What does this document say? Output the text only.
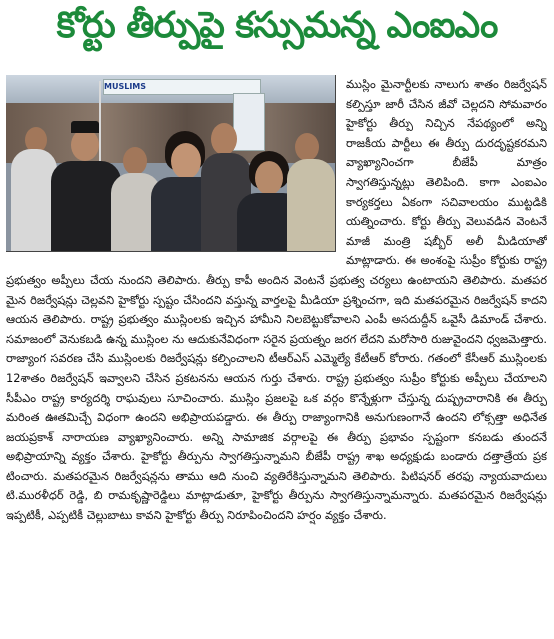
కోర్టు తీర్పుపై కస్సుమన్న ఎంఐఎం
MUSLIMS	ముస్లిం మైనార్టీలకు నాలుగు శాతం రిజర్వేషన్ కల్పిస్తూ జారీ చేసిన జీవో చెల్లదని సోమవారం హైకోర్టు తీర్పు నిచ్చిన నేపథ్యంలో అన్ని రాజకీయ పార్టీలు ఈ తీర్పు దురదృష్టకరమని వ్యాఖ్యానించగా బీజేపీ మాత్రం స్వాగతిస్తున్నట్లు తెలిపింది. కాగా ఎంఐఎం కార్యకర్తలు ఏకంగా సచివాలయం ముట్టడికి యత్నించారు. కోర్టు తీర్పు వెలువడిన వెంటనే మాజీ మంత్రి షబ్బీర్ అలీ మీడియాతో మాట్లాడారు. ఈ అంశంపై సుప్రీం కోర్టుకు రాష్ట్ర ప్రభుత్వం అప్పీలు చేయ నుందని తెలిపారు. తీర్పు కాపీ అందిన వెంటనే ప్రభుత్వ చర్యలు ఉంటాయని తెలిపారు. మతపర మైన రిజర్వేషన్లు చెల్లవని హైకోర్టు స్పష్టం చేసిందని వస్తున్న వార్తలపై మీడియా ప్రశ్నించగా, ఇది మతపరమైన రిజర్వేషన్ కాదని ఆయన తెలిపారు. రాష్ట్ర ప్రభుత్వం ముస్లింలకు ఇచ్చిన హామీని నిలబెట్టుకోవాలని ఎంపీ అసదుద్దీన్ ఒవైసీ డిమాండ్ చేశారు. సమాజంలో వెనుకబడి ఉన్న ముస్లింల ను ఆదుకునేవిధంగా సరైన ప్రయత్నం జరగ లేదని మరోసారి రుజువైందని ధ్వజమెత్తారు. రాజ్యాంగ సవరణ చేసి ముస్లింలకు రిజర్వేషన్లు కల్పించాలని టీఆర్ఎస్ ఎమ్మెల్యే కేటీఆర్ కోరారు. గతంలో కేసీఆర్ ముస్లింలకు 12శాతం రిజర్వేషన్ ఇవ్వాలని చేసిన ప్రకటనను ఆయన గుర్తు చేశారు. రాష్ట్ర ప్రభుత్వం సుప్రీం కోర్టుకు అప్పీలు చేయాలని సీపీఎం రాష్ట్ర కార్యదర్శి రాఘవులు సూచించారు. ముస్లిం ప్రజలపై ఒక వర్గం కొన్నేళ్లుగా చేస్తున్న దుష్ప్రచారానికి ఈ తీర్పు మరింత ఊతమిచ్చే విధంగా ఉందని అభిప్రాయపడ్డారు. ఈ తీర్పు రాజ్యాంగానికి అనుగుణంగానే ఉందని లోక్సత్తా అధినేత జయప్రకాశ్ నారాయణ వ్యాఖ్యానించారు. అన్ని సామాజిక వర్గాలపై ఈ తీర్పు ప్రభావం స్పష్టంగా కనబడు తుందనే అభిప్రాయాన్ని వ్యక్తం చేశారు. హైకోర్టు తీర్పును స్వాగతిస్తున్నామని బీజేపీ రాష్ట్ర శాఖ అధ్యక్షుడు బండారు దత్తాత్రేయ ప్రక టించారు. మతపరమైన రిజర్వేషన్లను తాము ఆది నుంచి వ్యతిరేకిస్తున్నామని తెలిపారు. పిటిషనర్ తరఫు న్యాయవాదులు టి.మురళీధర్ రెడ్డి, బి రామకృష్ణారెడ్డిలు మాట్లాడుతూ, హైకోర్టు తీర్పును స్వాగతిస్తున్నామన్నారు. మతపరమైన రిజర్వేషన్లు ఇప్పటికీ, ఎప్పటికీ చెల్లుబాటు కావని హైకోర్టు తీర్పు నిరూపించిందని హర్షం వ్యక్తం చేశారు.
